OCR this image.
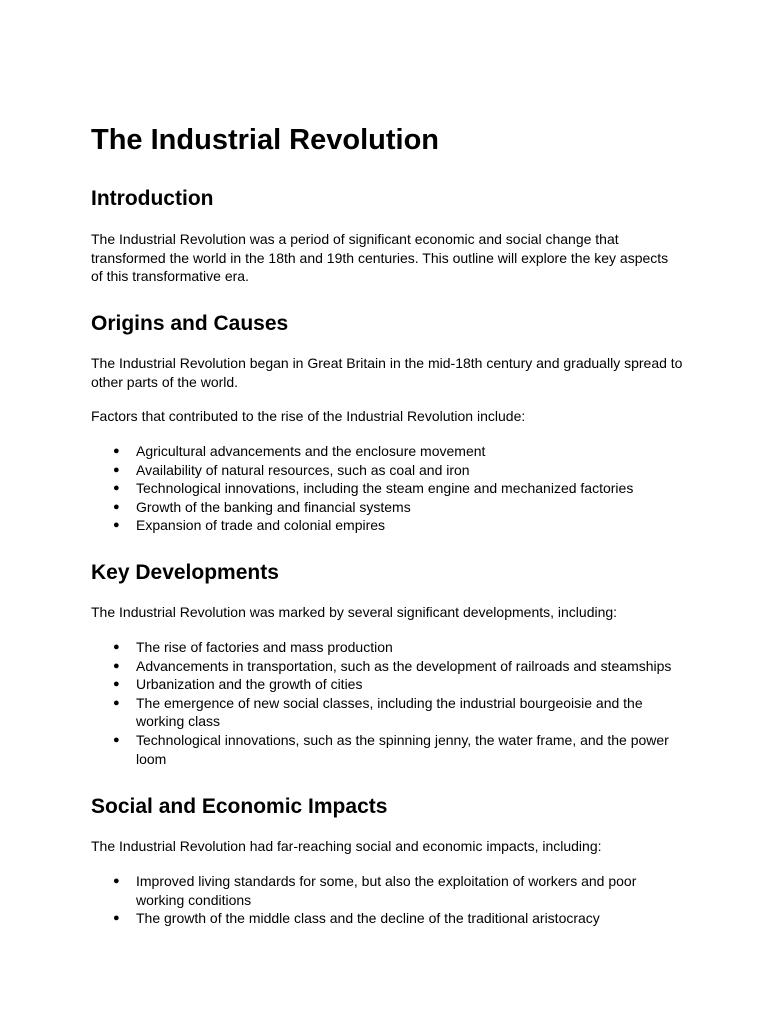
The Industrial Revolution
Introduction

The Industrial Revolution was a period of significant economic and social change that transformed the world in the 18th and 19th centuries. This outline will explore the key aspects of this transformative era.

Origins and Causes

The Industrial Revolution began in Great Britain in the mid-18th century and gradually spread to other parts of the world.

Factors that contributed to the rise of the Industrial Revolution include:

● Agricultural advancements and the enclosure movement
● Availability of natural resources, such as coal and iron
● Technological innovations, including the steam engine and mechanized factories
● Growth of the banking and financial systems
● Expansion of trade and colonial empires
Key Developments

The Industrial Revolution was marked by several significant developments, including:

● The rise of factories and mass production
● Advancements in transportation, such as the development of railroads and steamships
● Urbanization and the growth of cities
● The emergence of new social classes, including the industrial bourgeoisie and the working class
● Technological innovations, such as the spinning jenny, the water frame, and the power loom
Social and Economic Impacts

The Industrial Revolution had far-reaching social and economic impacts, including:

● Improved living standards for some, but also the exploitation of workers and poor working conditions
● The growth of the middle class and the decline of the traditional aristocracy
